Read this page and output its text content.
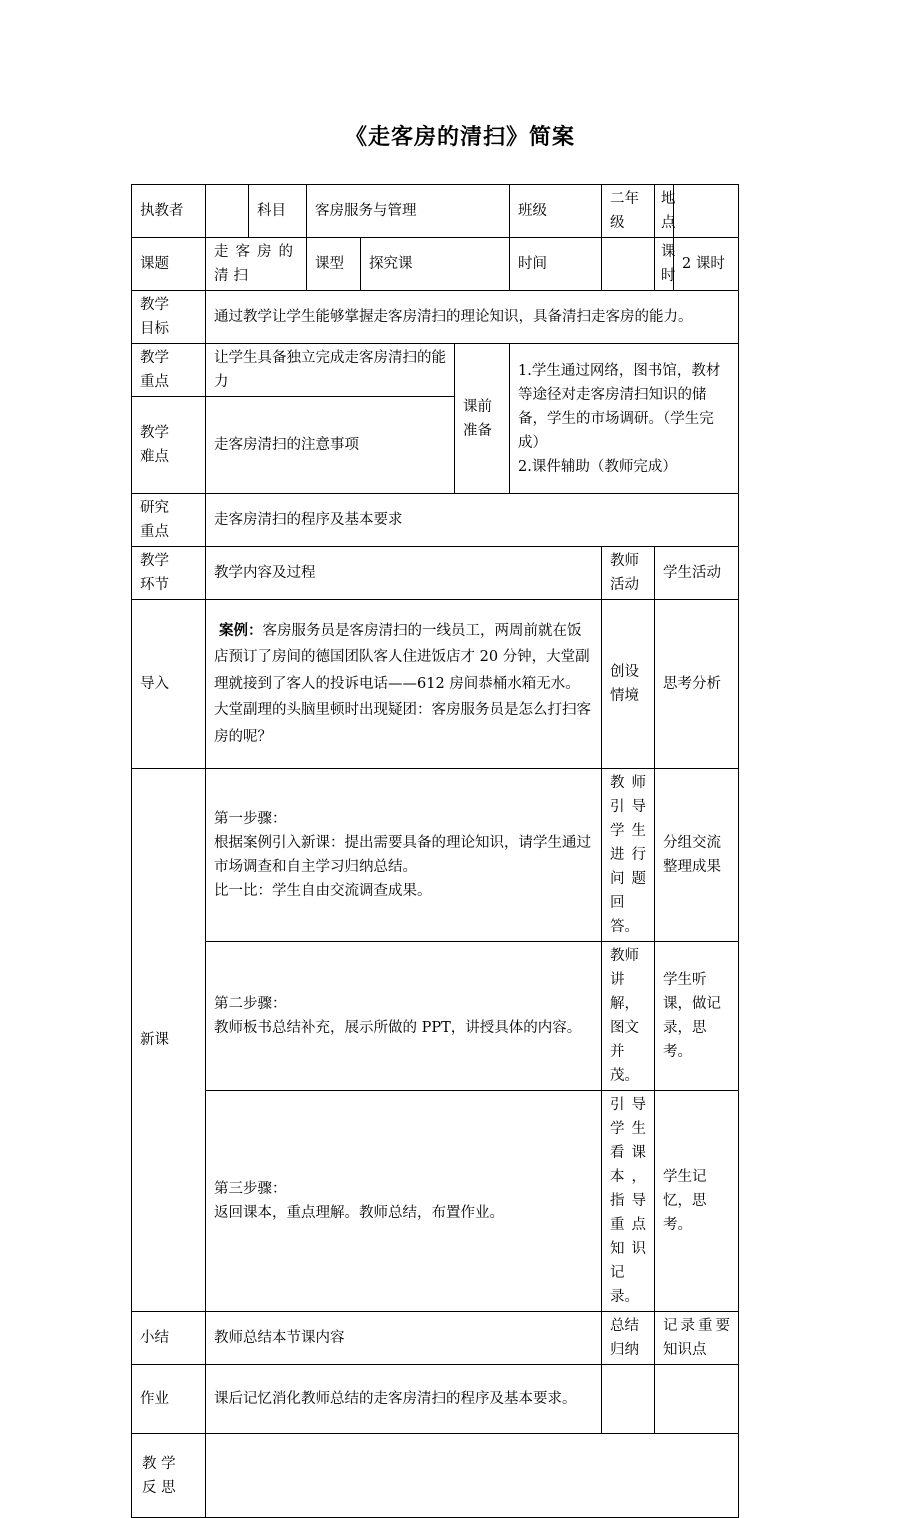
《走客房的清扫》简案
执教者		科目	客房服务与管理			班级	二年级	地点	
课题	走客房的清扫		课型	探究课		时间		课时	2 课时
教学
目标	通过教学让学生能够掌握走客房清扫的理论知识，具备清扫走客房的能力。								
教学
重点	让学生具备独立完成走客房清扫的能力				课前
准备	1.学生通过网络，图书馆，教材等途径对走客房清扫知识的储备，学生的市场调研。（学生完成）
2.课件辅助（教师完成）			
教学
难点	走客房清扫的注意事项								
研究
重点	走客房清扫的程序及基本要求								
教学
环节	教学内容及过程						教师活动	学生活动	
导入	案例：客房服务员是客房清扫的一线员工，两周前就在饭店预订了房间的德国团队客人住进饭店才 20 分钟，大堂副理就接到了客人的投诉电话——612 房间恭桶水箱无水。大堂副理的头脑里顿时出现疑团：客房服务员是怎么打扫客房的呢？						创设情境	思考分析	
新课	第一步骤：
根据案例引入新课：提出需要具备的理论知识，请学生通过市场调查和自主学习归纳总结。
比一比：学生自由交流调查成果。						教师引导学生进行问题回答。	分组交流整理成果	
	第二步骤：
教师板书总结补充，展示所做的 PPT，讲授具体的内容。						教师讲解，图文并茂。	学生听课，做记录，思考。	
	第三步骤：
返回课本，重点理解。教师总结，布置作业。						引导学生看课本，指导重点知识记录。	学生记忆，思考。	
小结	教师总结本节课内容						总结归纳	记录重要知识点	
作业	课后记忆消化教师总结的走客房清扫的程序及基本要求。								
教 学
反 思									
